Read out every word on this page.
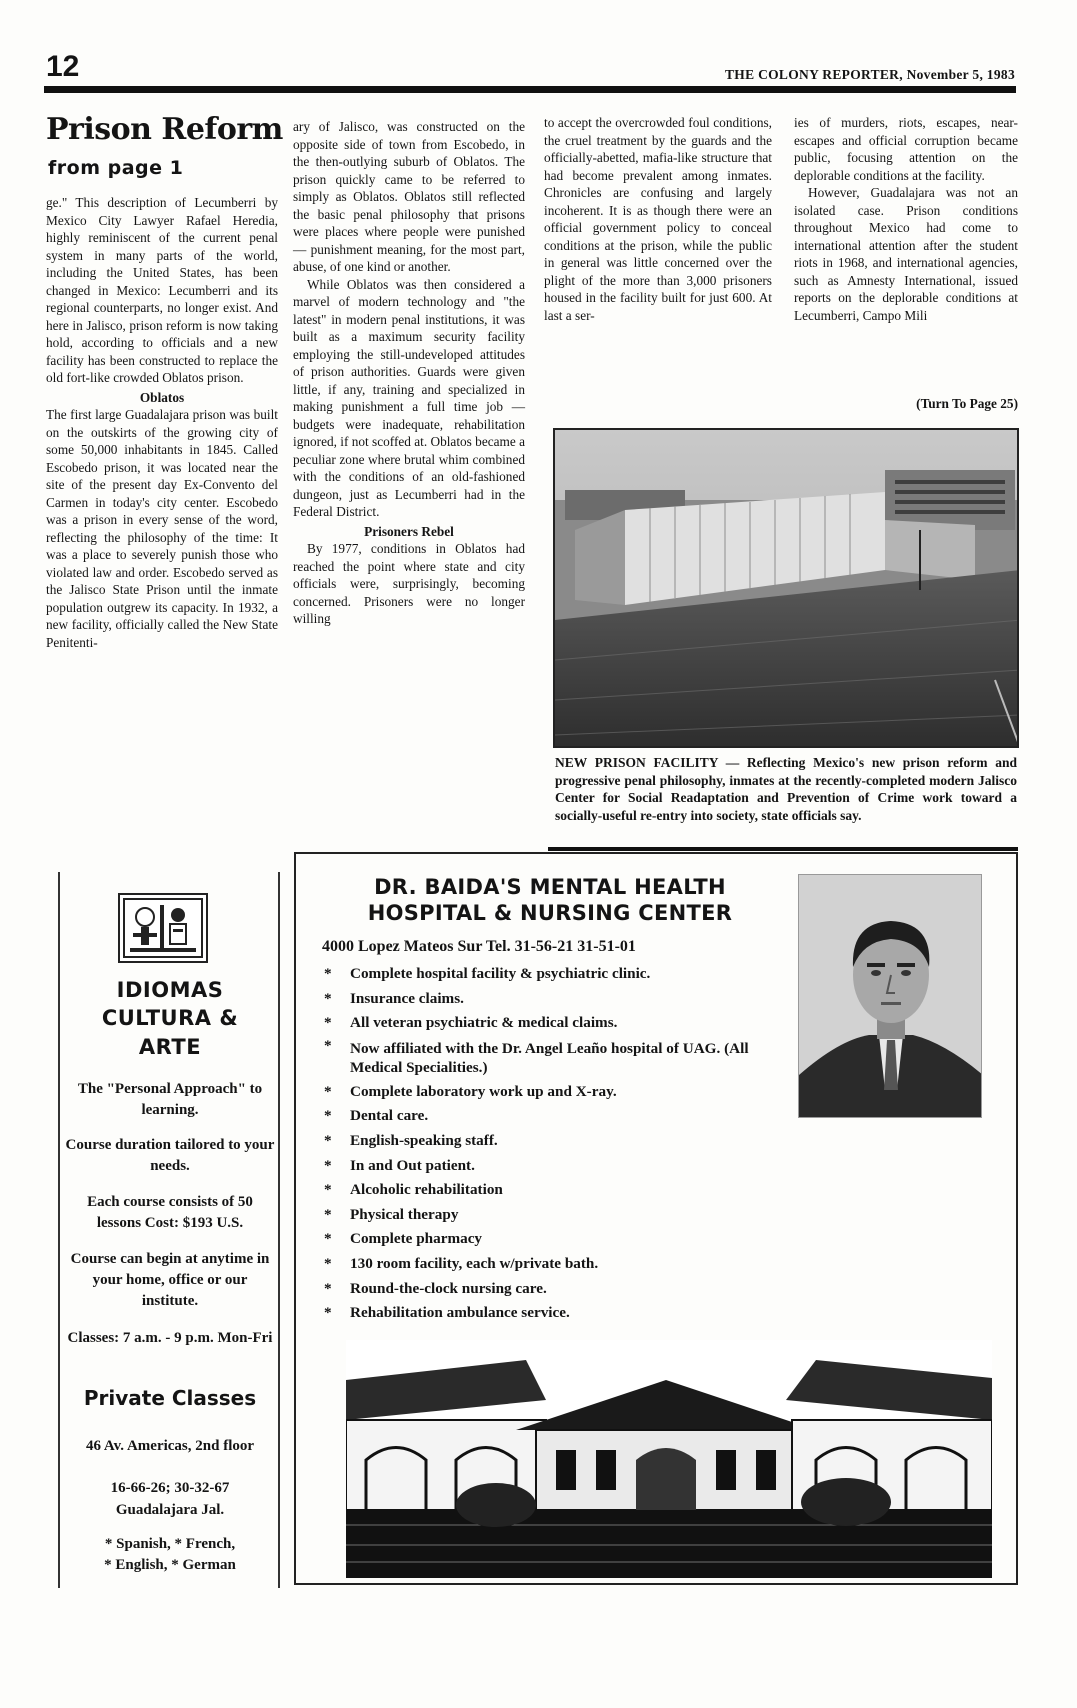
12	THE COLONY REPORTER, November 5, 1983
Prison Reform
from page 1

ge." This description of Lecumberri by Mexico City Lawyer Rafael Heredia, highly reminiscent of the current penal system in many parts of the world, including the United States, has been changed in Mexico: Lecumberri and its regional counterparts, no longer exist. And here in Jalisco, prison reform is now taking hold, according to officials and a new facility has been constructed to replace the old fort-like crowded Oblatos prison.

Oblatos

The first large Guadalajara prison was built on the outskirts of the growing city of some 50,000 inhabitants in 1845. Called Escobedo prison, it was located near the site of the present day Ex-Convento del Carmen in today's city center. Escobedo was a prison in every sense of the word, reflecting the philosophy of the time: It was a place to severely punish those who violated law and order. Escobedo served as the Jalisco State Prison until the inmate population outgrew its capacity. In 1932, a new facility, officially called the New State Penitenti-

ary of Jalisco, was constructed on the opposite side of town from Escobedo, in the then-outlying suburb of Oblatos. The prison quickly came to be referred to simply as Oblatos. Oblatos still reflected the basic penal philosophy that prisons were places where people were punished — punishment meaning, for the most part, abuse, of one kind or another.

While Oblatos was then considered a marvel of modern technology and "the latest" in modern penal institutions, it was built as a maximum security facility employing the still-undeveloped attitudes of prison authorities. Guards were given little, if any, training and specialized in making punishment a full time job — budgets were inadequate, rehabilitation ignored, if not scoffed at. Oblatos became a peculiar zone where brutal whim combined with the conditions of an old-fashioned dungeon, just as Lecumberri had in the Federal District.

Prisoners Rebel

By 1977, conditions in Oblatos had reached the point where state and city officials were, surprisingly, becoming concerned. Prisoners were no longer willing

to accept the overcrowded foul conditions, the cruel treatment by the guards and the officially-abetted, mafia-like structure that had become prevalent among inmates. Chronicles are confusing and largely incoherent. It is as though there were an official government policy to conceal conditions at the prison, while the public in general was little concerned over the plight of the more than 3,000 prisoners housed in the facility built for just 600. At last a ser-

ies of murders, riots, escapes, near-escapes and official corruption became public, focusing attention on the deplorable conditions at the facility.

However, Guadalajara was not an isolated case. Prison conditions throughout Mexico had come to international attention after the student riots in 1968, and international agencies, such as Amnesty International, issued reports on the deplorable conditions at Lecumberri, Campo Mili

(Turn To Page 25)
NEW PRISON FACILITY — Reflecting Mexico's new prison reform and progressive penal philosophy, inmates at the recently-completed modern Jalisco Center for Social Readaptation and Prevention of Crime work toward a socially-useful re-entry into society, state officials say.
IDIOMAS
CULTURA &
ARTE
The "Personal Approach" to learning.
Course duration tailored to your needs.
Each course consists of 50 lessons Cost: $193 U.S.
Course can begin at anytime in your home, office or our institute.
Classes: 7 a.m. - 9 p.m. Mon-Fri
Private Classes
46 Av. Americas, 2nd floor
16-66-26; 30-32-67
Guadalajara Jal.
* Spanish, * French,
* English, * German
DR. BAIDA'S MENTAL HEALTH HOSPITAL & NURSING CENTER
4000 Lopez Mateos Sur Tel. 31-56-21 31-51-01
* Complete hospital facility & psychiatric clinic.
* Insurance claims.
* All veteran psychiatric & medical claims.
* Now affiliated with the Dr. Angel Leaño hospital of UAG. (All Medical Specialities.)
* Complete laboratory work up and X-ray.
* Dental care.
* English-speaking staff.
* In and Out patient.
* Alcoholic rehabilitation
* Physical therapy
* Complete pharmacy
* 130 room facility, each w/private bath.
* Round-the-clock nursing care.
* Rehabilitation ambulance service.
